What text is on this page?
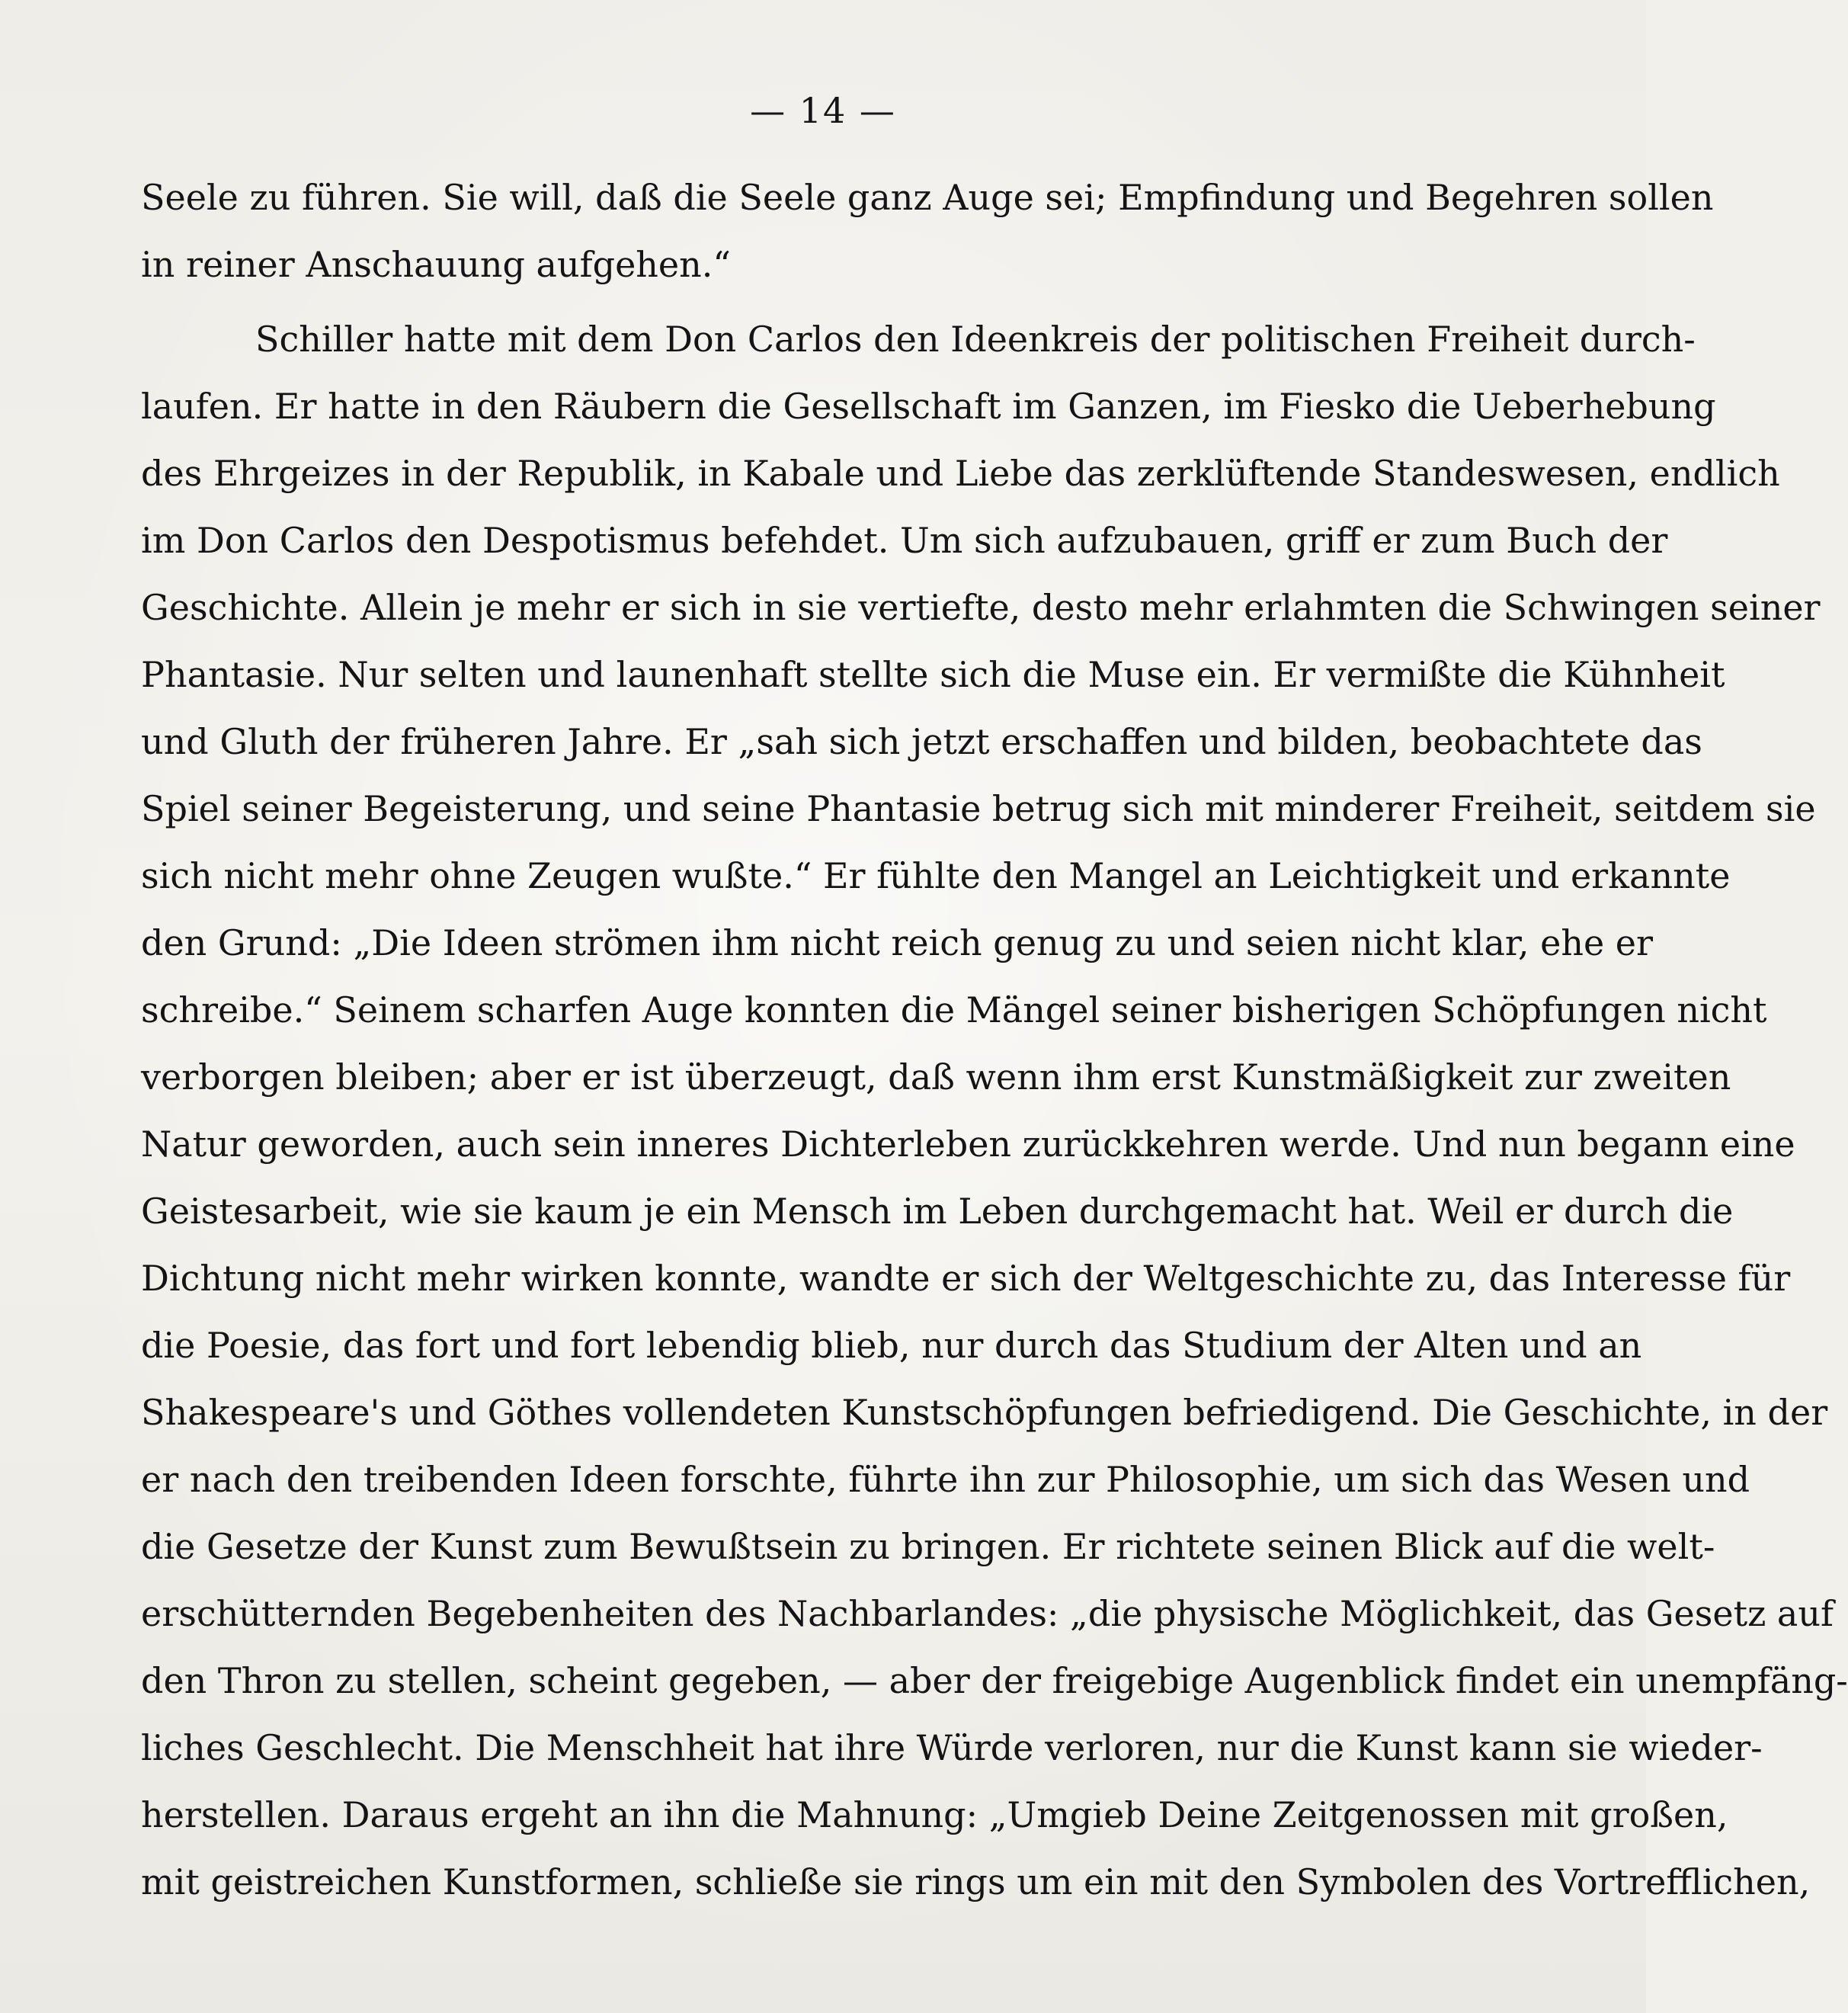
— 14 —
Seele zu führen. Sie will, daß die Seele ganz Auge sei; Empfindung und Begehren sollen
in reiner Anschauung aufgehen.“
Schiller hatte mit dem Don Carlos den Ideenkreis der politischen Freiheit durch-
laufen. Er hatte in den Räubern die Gesellschaft im Ganzen, im Fiesko die Ueberhebung
des Ehrgeizes in der Republik, in Kabale und Liebe das zerklüftende Standeswesen, endlich
im Don Carlos den Despotismus befehdet. Um sich aufzubauen, griff er zum Buch der
Geschichte. Allein je mehr er sich in sie vertiefte, desto mehr erlahmten die Schwingen seiner
Phantasie. Nur selten und launenhaft stellte sich die Muse ein. Er vermißte die Kühnheit
und Gluth der früheren Jahre. Er „sah sich jetzt erschaffen und bilden, beobachtete das
Spiel seiner Begeisterung, und seine Phantasie betrug sich mit minderer Freiheit, seitdem sie
sich nicht mehr ohne Zeugen wußte.“ Er fühlte den Mangel an Leichtigkeit und erkannte
den Grund: „Die Ideen strömen ihm nicht reich genug zu und seien nicht klar, ehe er
schreibe.“ Seinem scharfen Auge konnten die Mängel seiner bisherigen Schöpfungen nicht
verborgen bleiben; aber er ist überzeugt, daß wenn ihm erst Kunstmäßigkeit zur zweiten
Natur geworden, auch sein inneres Dichterleben zurückkehren werde. Und nun begann eine
Geistesarbeit, wie sie kaum je ein Mensch im Leben durchgemacht hat. Weil er durch die
Dichtung nicht mehr wirken konnte, wandte er sich der Weltgeschichte zu, das Interesse für
die Poesie, das fort und fort lebendig blieb, nur durch das Studium der Alten und an
Shakespeare's und Göthes vollendeten Kunstschöpfungen befriedigend. Die Geschichte, in der
er nach den treibenden Ideen forschte, führte ihn zur Philosophie, um sich das Wesen und
die Gesetze der Kunst zum Bewußtsein zu bringen. Er richtete seinen Blick auf die welt-
erschütternden Begebenheiten des Nachbarlandes: „die physische Möglichkeit, das Gesetz auf
den Thron zu stellen, scheint gegeben, — aber der freigebige Augenblick findet ein unempfäng-
liches Geschlecht. Die Menschheit hat ihre Würde verloren, nur die Kunst kann sie wieder-
herstellen. Daraus ergeht an ihn die Mahnung: „Umgieb Deine Zeitgenossen mit großen,
mit geistreichen Kunstformen, schließe sie rings um ein mit den Symbolen des Vortrefflichen,
